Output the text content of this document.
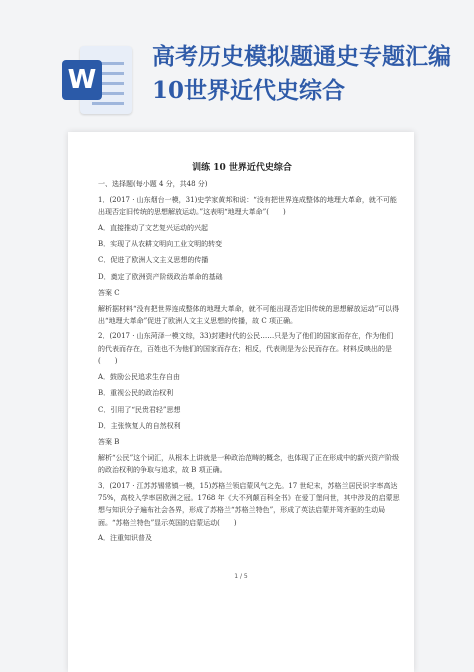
W
高考历史模拟题通史专题汇编
10世界近代史综合
训练 10 世界近代史综合
一、选择题(每小题 4 分，共48 分)
1．(2017 · 山东烟台一模，31)史学家黄邦和说：“没有把世界连成整体的地理大革命，就不可能出现否定旧传统的思想解放运动。”这表明“地理大革命”(　　)
A．直接推动了文艺复兴运动的兴起
B．实现了从农耕文明向工业文明的转变
C．促进了欧洲人文主义思想的传播
D．奠定了欧洲资产阶级政治革命的基础
答案 C
解析据材料“没有把世界连成整体的地理大革命，就不可能出现否定旧传统的思想解放运动”可以得出“地理大革命”促进了欧洲人文主义思想的传播，故 C 项正确。
2．(2017 · 山东菏泽一模文综，33)封建时代的公民……只是为了他们的国家而存在，作为他们的代表而存在，百姓也不为他们的国家而存在；相反，代表则是为公民而存在。材料反映出的是(　　)
A．鼓励公民追求生存自由
B．重视公民的政治权利
C．引用了“民贵君轻”思想
D．主张恢复人的自然权利
答案 B
解析“公民”这个词汇，从根本上讲就是一种政治范畴的概念，也体现了正在形成中的新兴资产阶级的政治权利的争取与追求，故 B 项正确。
3．(2017 · 江苏苏锡常镇一模，15)苏格兰领启蒙风气之先。17 世纪末，苏格兰居民识字率高达 75%，高校入学率居欧洲之冠。1768 年《大不列颠百科全书》在爱丁堡问世，其中涉及的启蒙思想与知识分子遍布社会各界，形成了苏格兰“苏格兰特色”，形成了英法启蒙并驾齐驱的生动局面。“苏格兰特色”显示英国的启蒙运动(　　)
A．注重知识普及
1 / 5
